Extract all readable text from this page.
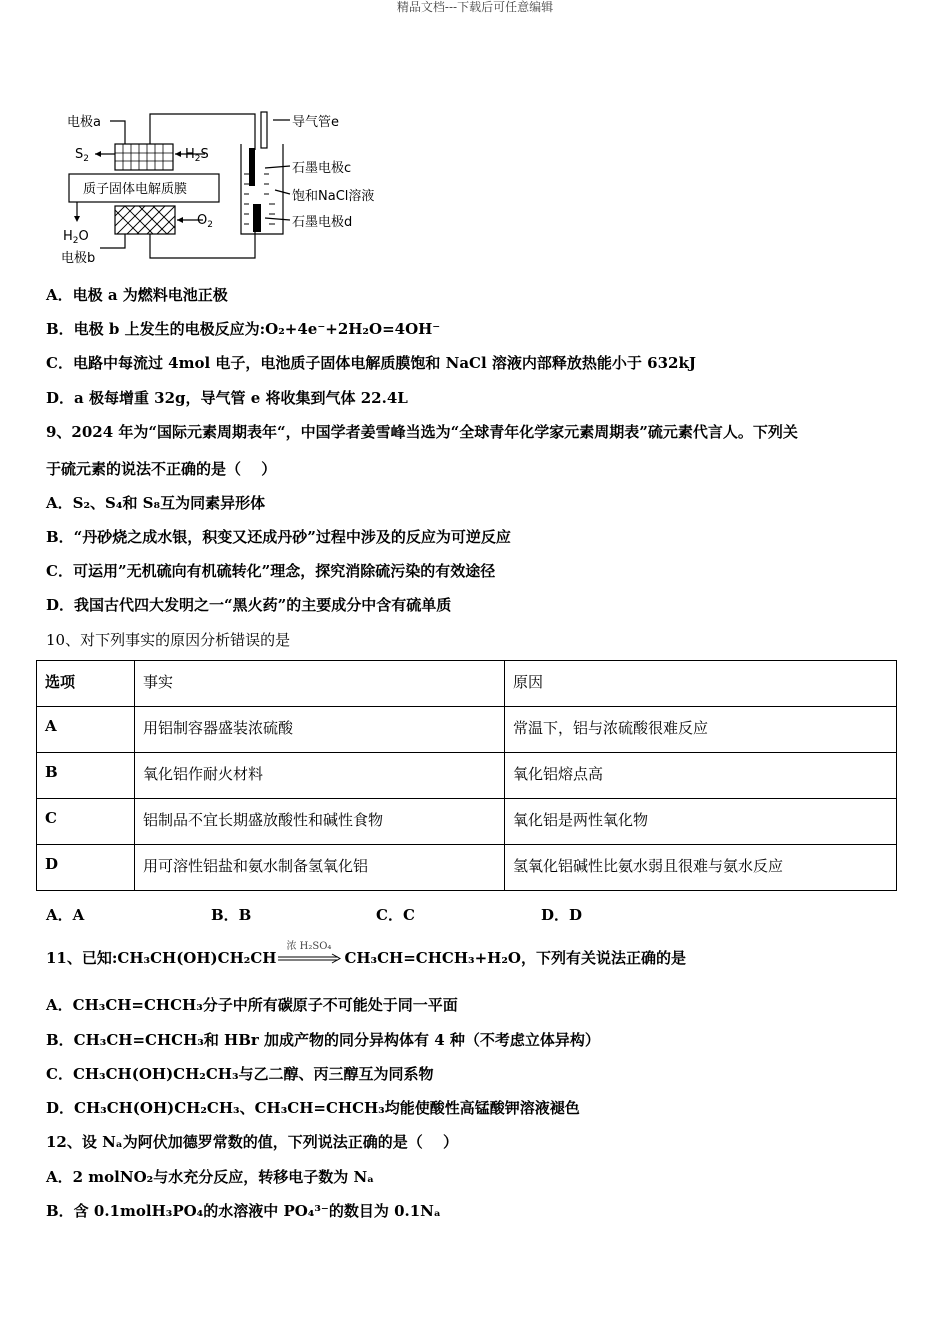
精品文档---下载后可任意编辑
电极a
$S_2$	$H_2S$
质子固体电解质膜
$H_2O$
$O_2$
电极b
导气管e
石墨电极c
饱和NaCl溶液
石墨电极d
A．电极 a 为燃料电池正极
B．电极 b 上发生的电极反应为:O₂+4e⁻+2H₂O=4OH⁻
C．电路中每流过 4mol 电子，电池质子固体电解质膜饱和 NaCl 溶液内部释放热能小于 632kJ
D．a 极每增重 32g，导气管 e 将收集到气体 22.4L
9、2024 年为“国际元素周期表年“，中国学者姜雪峰当选为“全球青年化学家元素周期表”硫元素代言人。下列关
于硫元素的说法不正确的是（　 ）
A．S₂、S₄和 S₈互为同素异形体
B．“丹砂烧之成水银，积变又还成丹砂”过程中涉及的反应为可逆反应
C．可运用”无机硫向有机硫转化”理念，探究消除硫污染的有效途径
D．我国古代四大发明之一“黑火药”的主要成分中含有硫单质
10、对下列事实的原因分析错误的是
选项	事实	原因
A	用铝制容器盛装浓硫酸	常温下，铝与浓硫酸很难反应
B	氧化铝作耐火材料	氧化铝熔点高
C	铝制品不宜长期盛放酸性和碱性食物	氧化铝是两性氧化物
D	用可溶性铝盐和氨水制备氢氧化铝	氢氧化铝碱性比氨水弱且很难与氨水反应
A．A	B．B	C．C	D．D
11、已知:CH₃CH(OH)CH₂CH
浓 H₂SO₄
CH₃CH=CHCH₃+H₂O，下列有关说法正确的是
A．CH₃CH=CHCH₃分子中所有碳原子不可能处于同一平面
B．CH₃CH=CHCH₃和 HBr 加成产物的同分异构体有 4 种（不考虑立体异构）
C．CH₃CH(OH)CH₂CH₃与乙二醇、丙三醇互为同系物
D．CH₃CH(OH)CH₂CH₃、CH₃CH=CHCH₃均能使酸性高锰酸钾溶液褪色
12、设 Nₐ为阿伏加德罗常数的值，下列说法正确的是（　 ）
A．2 molNO₂与水充分反应，转移电子数为 Nₐ
B．含 0.1molH₃PO₄的水溶液中 PO₄³⁻的数目为 0.1Nₐ
